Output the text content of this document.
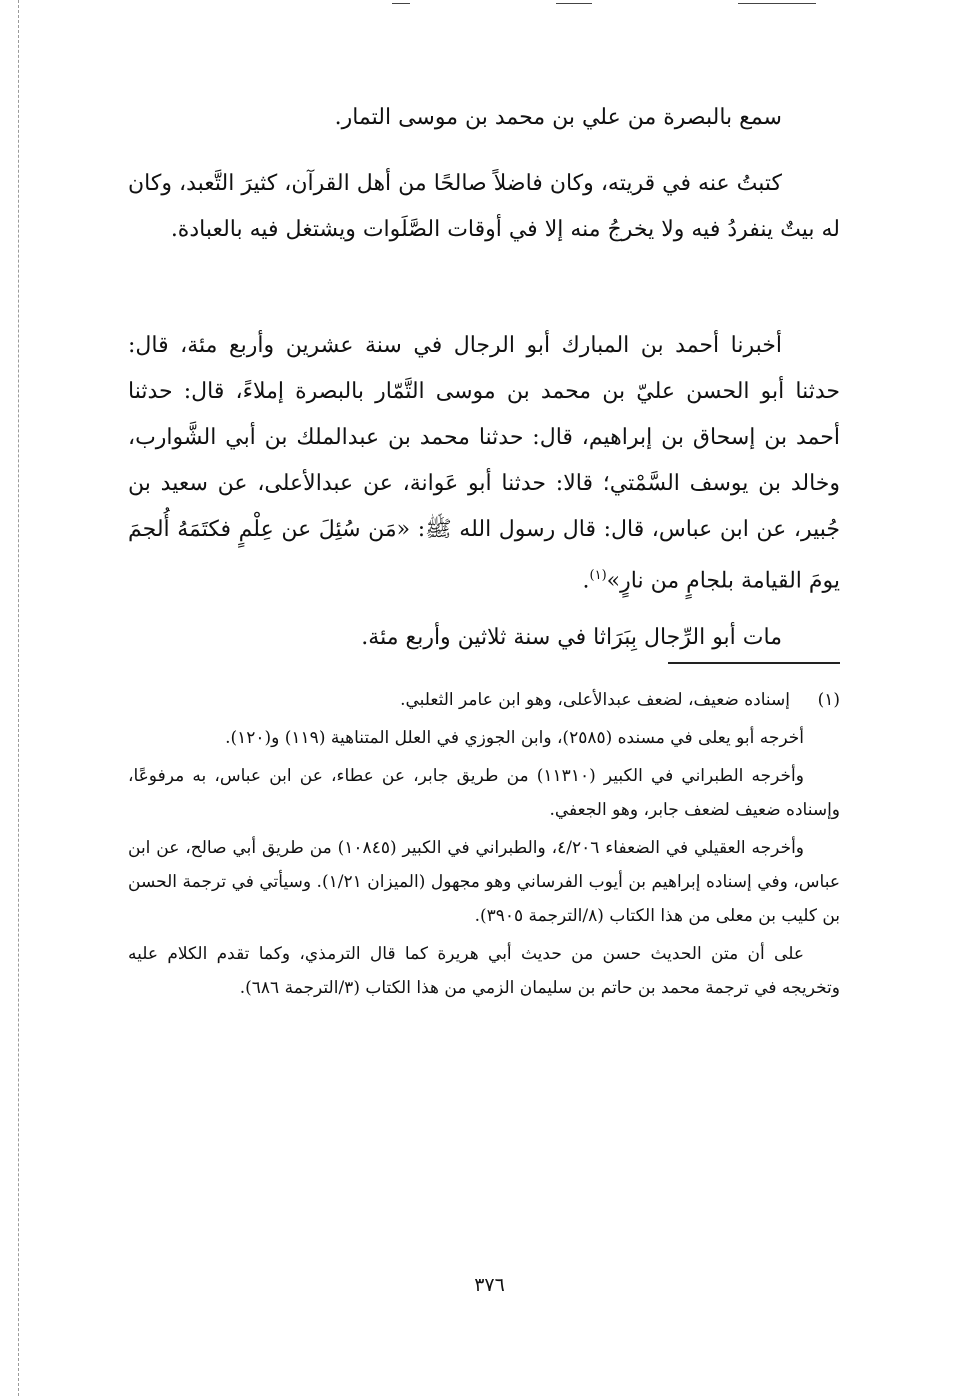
سمع بالبصرة من علي بن محمد بن موسى التمار.

كتبتُ عنه في قريته، وكان فاضلاً صالحًا من أهل القرآن، كثيرَ التَّعبد، وكان له بيتٌ ينفردُ فيه ولا يخرجُ منه إلا في أوقات الصَّلَوات ويشتغل فيه بالعبادة.

أخبرنا أحمد بن المبارك أبو الرجال في سنة عشرين وأربع مئة، قال: حدثنا أبو الحسن عليّ بن محمد بن موسى التَّمّار بالبصرة إملاءً، قال: حدثنا أحمد بن إسحاق بن إبراهيم، قال: حدثنا محمد بن عبدالملك بن أبي الشَّوارب، وخالد بن يوسف السَّمْتي؛ قالا: حدثنا أبو عَوانة، عن عبدالأعلى، عن سعيد بن جُبير، عن ابن عباس، قال: قال رسول الله ﷺ: «مَن سُئِلَ عن عِلْمٍ فكتَمَهُ أُلجمَ يومَ القيامة بلجامٍ من نارٍ»$^{(١)}$.

مات أبو الرِّجال بِبَرَاثا في سنة ثلاثين وأربع مئة.

(١)
إسناده ضعيف، لضعف عبدالأعلى، وهو ابن عامر الثعلبي.

أخرجه أبو يعلى في مسنده (٢٥٨٥)، وابن الجوزي في العلل المتناهية (١١٩) و(١٢٠).

وأخرجه الطبراني في الكبير (١١٣١٠) من طريق جابر، عن عطاء، عن ابن عباس، به مرفوعًا، وإسناده ضعيف لضعف جابر، وهو الجعفي.

وأخرجه العقيلي في الضعفاء ٤/٢٠٦، والطبراني في الكبير (١٠٨٤٥) من طريق أبي صالح، عن ابن عباس، وفي إسناده إبراهيم بن أيوب الفرساني وهو مجهول (الميزان ١/٢١). وسيأتي في ترجمة الحسن بن كليب بن معلى من هذا الكتاب (٨/الترجمة ٣٩٠٥).

على أن متن الحديث حسن من حديث أبي هريرة كما قال الترمذي، وكما تقدم الكلام عليه وتخريجه في ترجمة محمد بن حاتم بن سليمان الزمي من هذا الكتاب (٣/الترجمة ٦٨٦).

٣٧٦
